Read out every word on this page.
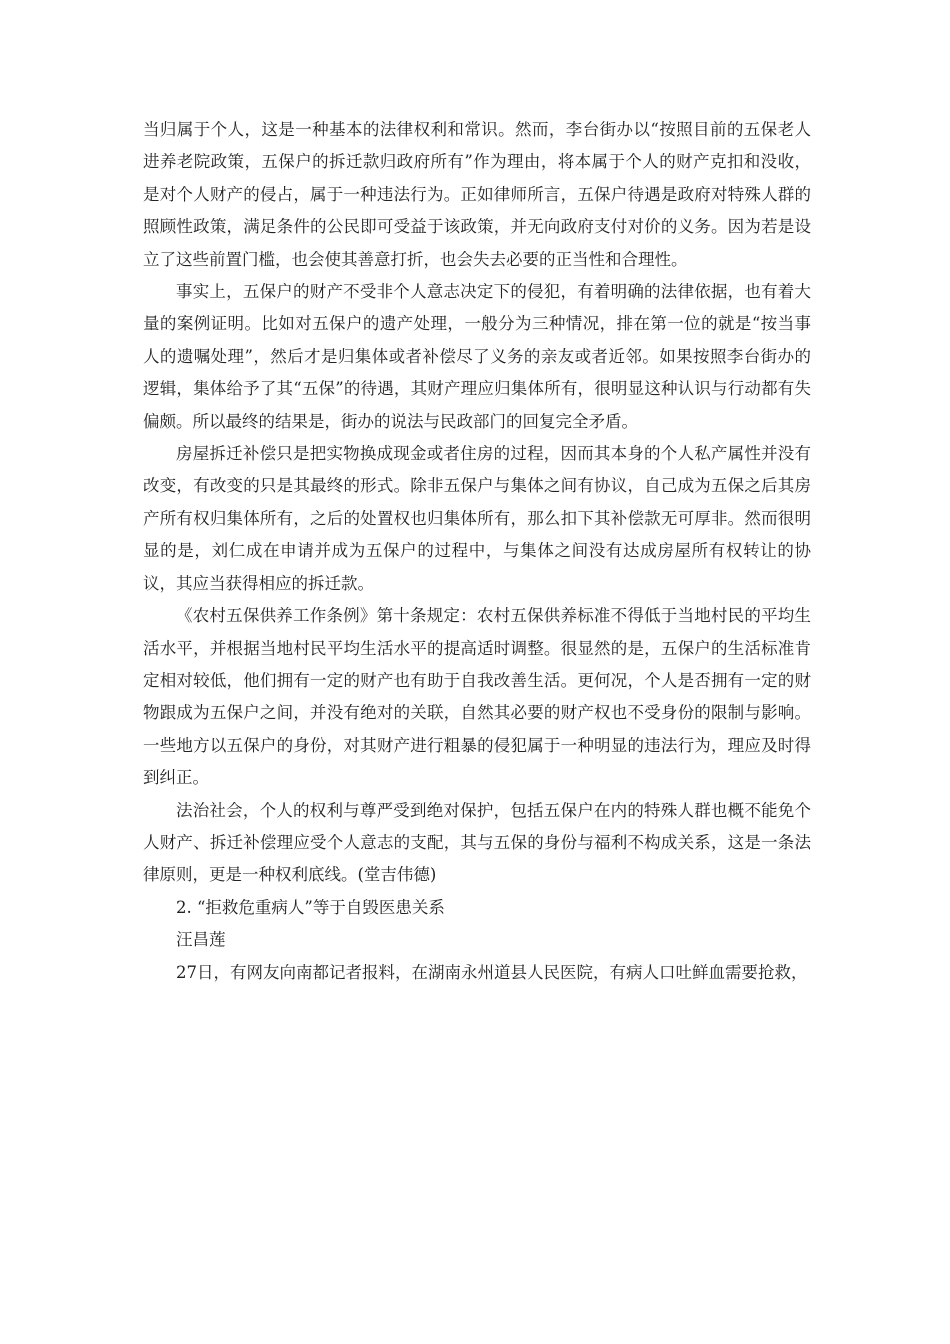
当归属于个人，这是一种基本的法律权利和常识。然而，李台街办以“按照目前的五保老人进养老院政策，五保户的拆迁款归政府所有”作为理由，将本属于个人的财产克扣和没收，是对个人财产的侵占，属于一种违法行为。正如律师所言，五保户待遇是政府对特殊人群的照顾性政策，满足条件的公民即可受益于该政策，并无向政府支付对价的义务。因为若是设立了这些前置门槛，也会使其善意打折，也会失去必要的正当性和合理性。

事实上，五保户的财产不受非个人意志决定下的侵犯，有着明确的法律依据，也有着大量的案例证明。比如对五保户的遗产处理，一般分为三种情况，排在第一位的就是“按当事人的遗嘱处理”，然后才是归集体或者补偿尽了义务的亲友或者近邻。如果按照李台街办的逻辑，集体给予了其“五保”的待遇，其财产理应归集体所有，很明显这种认识与行动都有失偏颇。所以最终的结果是，街办的说法与民政部门的回复完全矛盾。

房屋拆迁补偿只是把实物换成现金或者住房的过程，因而其本身的个人私产属性并没有改变，有改变的只是其最终的形式。除非五保户与集体之间有协议，自己成为五保之后其房产所有权归集体所有，之后的处置权也归集体所有，那么扣下其补偿款无可厚非。然而很明显的是，刘仁成在申请并成为五保户的过程中，与集体之间没有达成房屋所有权转让的协议，其应当获得相应的拆迁款。

《农村五保供养工作条例》第十条规定：农村五保供养标准不得低于当地村民的平均生活水平，并根据当地村民平均生活水平的提高适时调整。很显然的是，五保户的生活标准肯定相对较低，他们拥有一定的财产也有助于自我改善生活。更何况，个人是否拥有一定的财物跟成为五保户之间，并没有绝对的关联，自然其必要的财产权也不受身份的限制与影响。一些地方以五保户的身份，对其财产进行粗暴的侵犯属于一种明显的违法行为，理应及时得到纠正。

法治社会，个人的权利与尊严受到绝对保护，包括五保户在内的特殊人群也概不能免个人财产、拆迁补偿理应受个人意志的支配，其与五保的身份与福利不构成关系，这是一条法律原则，更是一种权利底线。(堂吉伟德)

2. “拒救危重病人”等于自毁医患关系

汪昌莲

27日，有网友向南都记者报料，在湖南永州道县人民医院，有病人口吐鲜血需要抢救，
